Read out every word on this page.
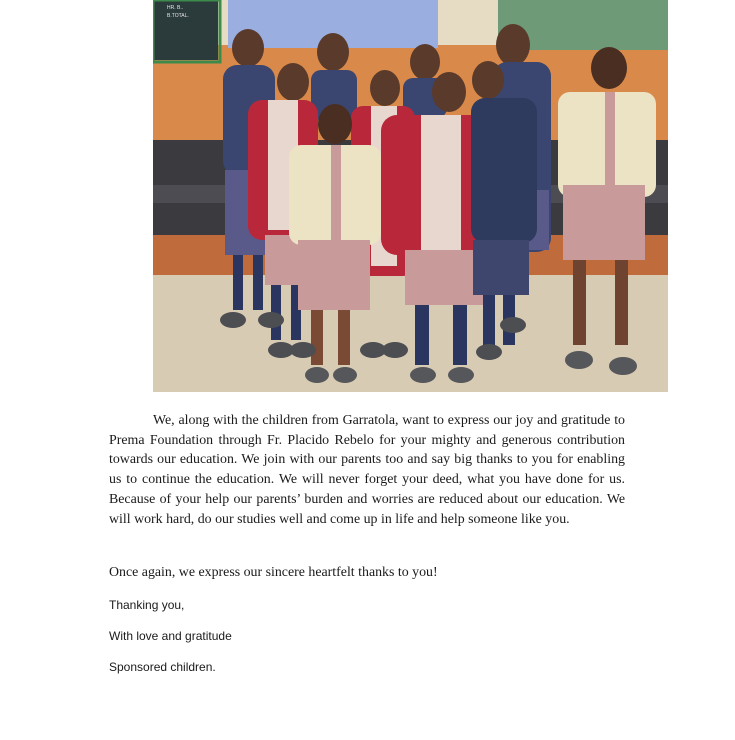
HR. B..
B.TOTAL.

We, along with the children from Garratola, want to express our joy and gratitude to Prema Foundation through Fr. Placido Rebelo for your mighty and generous contribution towards our education. We join with our parents too and say big thanks to you for enabling us to continue the education. We will never forget your deed, what you have done for us. Because of your help our parents’ burden and worries are reduced about our education. We will work hard, do our studies well and come up in life and help someone like you.

Once again, we express our sincere heartfelt thanks to you!

Thanking you,

With love and gratitude

Sponsored children.
